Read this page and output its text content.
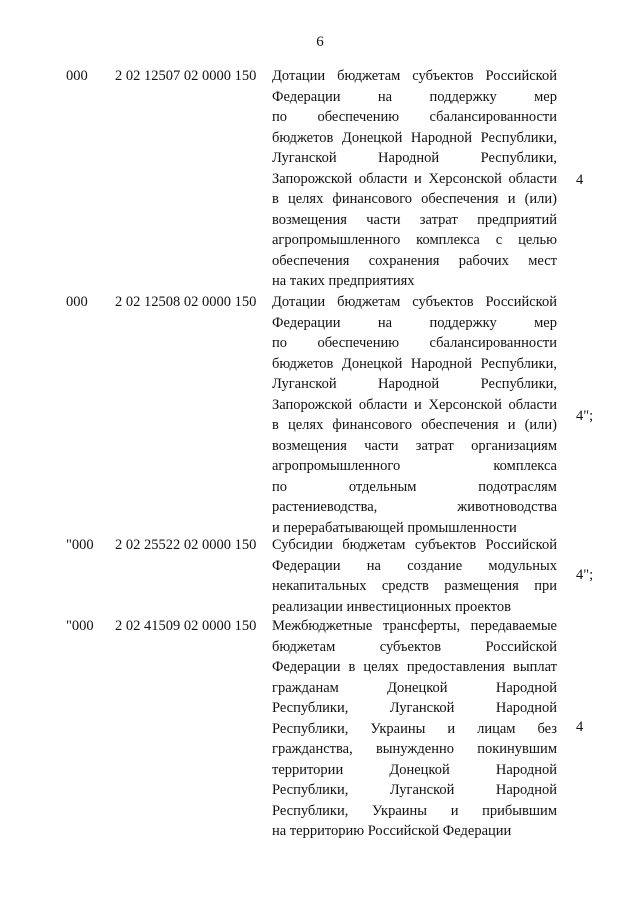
6
000	2 02 12507 02 0000 150	Дотации бюджетам субъектов Российской
Федерации на поддержку мер
по обеспечению сбалансированности
бюджетов Донецкой Народной Республики,
Луганской Народной Республики,
Запорожской области и Херсонской области
в целях финансового обеспечения и (или)
возмещения части затрат предприятий
агропромышленного комплекса с целью
обеспечения сохранения рабочих мест
на таких предприятиях
4
000	2 02 12508 02 0000 150	Дотации бюджетам субъектов Российской
Федерации на поддержку мер
по обеспечению сбалансированности
бюджетов Донецкой Народной Республики,
Луганской Народной Республики,
Запорожской области и Херсонской области
в целях финансового обеспечения и (или)
возмещения части затрат организациям
агропромышленного комплекса
по отдельным подотраслям
растениеводства, животноводства
и перерабатывающей промышленности
4";
"000	2 02 25522 02 0000 150	Субсидии бюджетам субъектов Российской
Федерации на создание модульных
некапитальных средств размещения при
реализации инвестиционных проектов
4";
"000	2 02 41509 02 0000 150	Межбюджетные трансферты, передаваемые
бюджетам субъектов Российской
Федерации в целях предоставления выплат
гражданам Донецкой Народной
Республики, Луганской Народной
Республики, Украины и лицам без
гражданства, вынужденно покинувшим
территории Донецкой Народной
Республики, Луганской Народной
Республики, Украины и прибывшим
на территорию Российской Федерации
4
